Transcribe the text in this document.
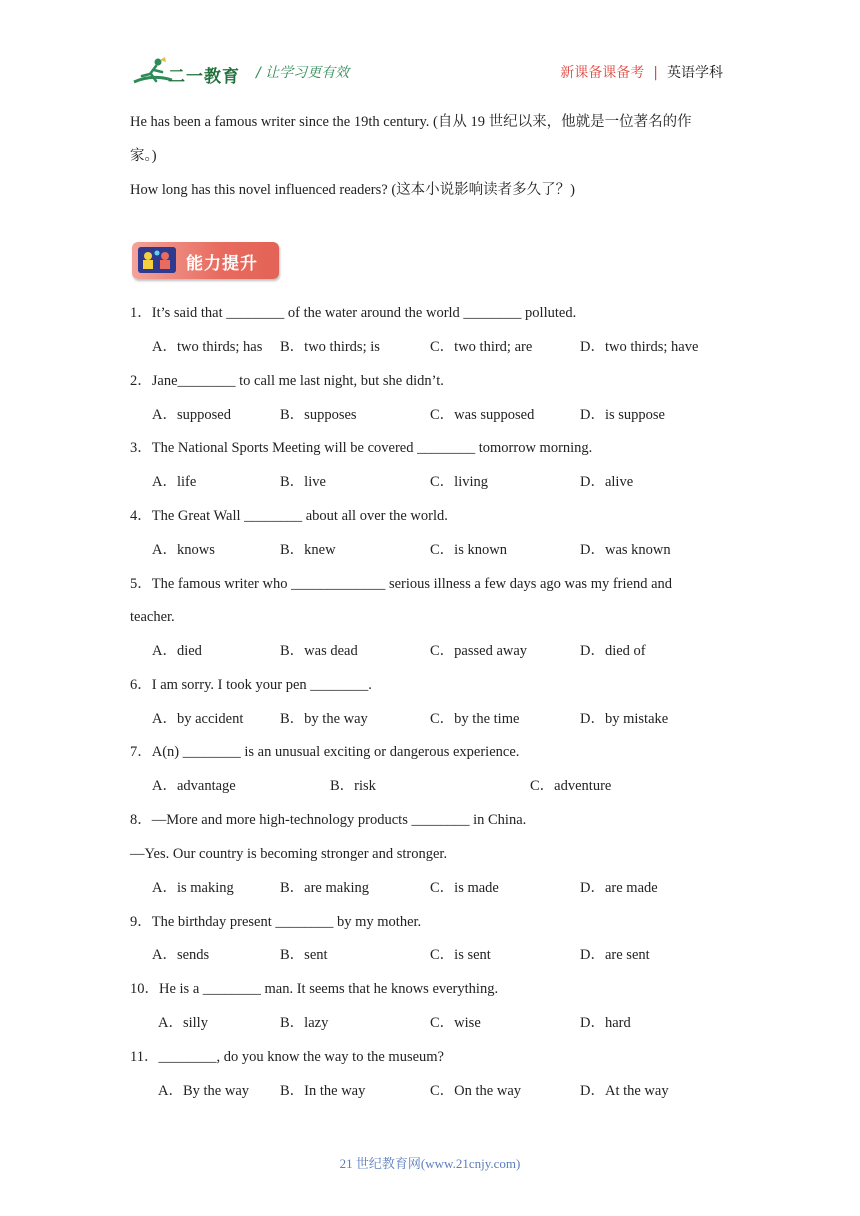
二一教育 / 让学习更有效	新课备课备考 | 英语学科
He has been a famous writer since the 19th century. (自从 19 世纪以来，他就是一位著名的作
家。)
How long has this novel influenced readers? (这本小说影响读者多久了？)
能力提升
1．It’s said that ________ of the water around the world ________ polluted.
A．two thirds; has B．two thirds; is	C．two third; are	D．two thirds; have
2．Jane________ to call me last night, but she didn’t.
A．supposed	B．supposes	C．was supposed	D．is suppose
3．The National Sports Meeting will be covered ________ tomorrow morning.
A．life	B．live	C．living	D．alive
4．The Great Wall ________ about all over the world.
A．knows	B．knew	C．is known	D．was known
5．The famous writer who _____________ serious illness a few days ago was my friend and
teacher.
A．died	B．was dead	C．passed away	D．died of
6．I am sorry. I took your pen ________.
A．by accident	B．by the way	C．by the time	D．by mistake
7．A(n) ________ is an unusual exciting or dangerous experience.
A．advantage	B．risk	C．adventure
8．—More and more high-technology products ________ in China.
—Yes. Our country is becoming stronger and stronger.
A．is making	B．are making	C．is made	D．are made
9．The birthday present ________ by my mother.
A．sends	B．sent	C．is sent	D．are sent
10．He is a ________ man. It seems that he knows everything.
A．silly	B．lazy	C．wise	D．hard
11．________, do you know the way to the museum?
A．By the way B．In the way	C．On the way	D．At the way
21 世纪教育网(www.21cnjy.com)
